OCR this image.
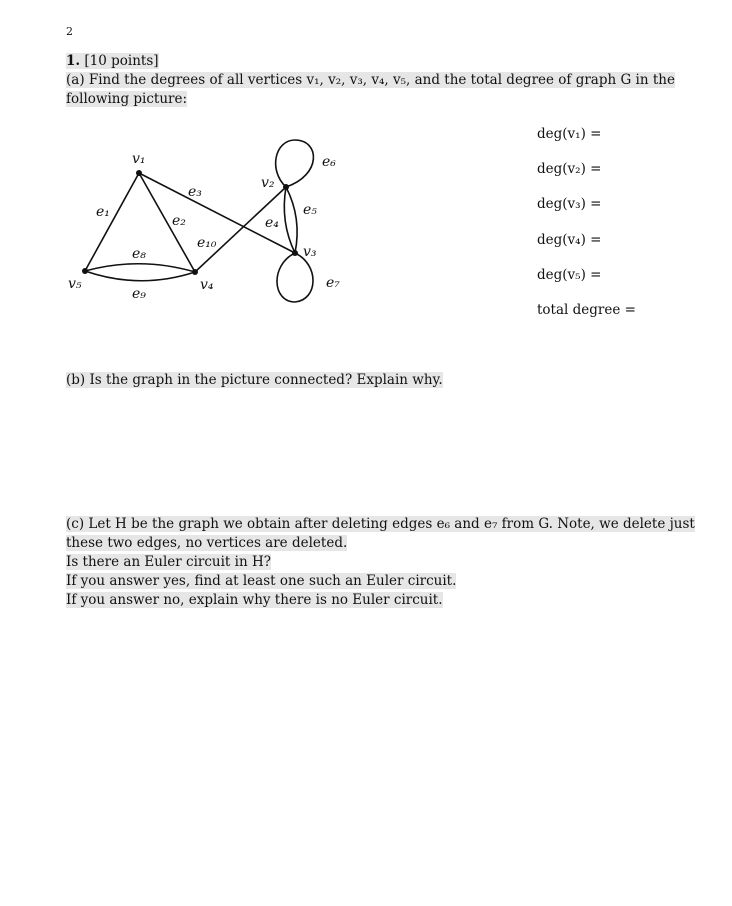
2
1. [10 points]
(a) Find the degrees of all vertices v₁, v₂, v₃, v₄, v₅, and the total degree of graph G in the
following picture:
v₁
v₂
v₃
v₄
v₅
e₁
e₂
e₃
e₄
e₅
e₆
e₇
e₈
e₉
e₁₀
deg(v₁) =
deg(v₂) =
deg(v₃) =
deg(v₄) =
deg(v₅) =
total degree =
(b) Is the graph in the picture connected? Explain why.
(c) Let H be the graph we obtain after deleting edges e₆ and e₇ from G. Note, we delete just
these two edges, no vertices are deleted.
Is there an Euler circuit in H?
If you answer yes, find at least one such an Euler circuit.
If you answer no, explain why there is no Euler circuit.
